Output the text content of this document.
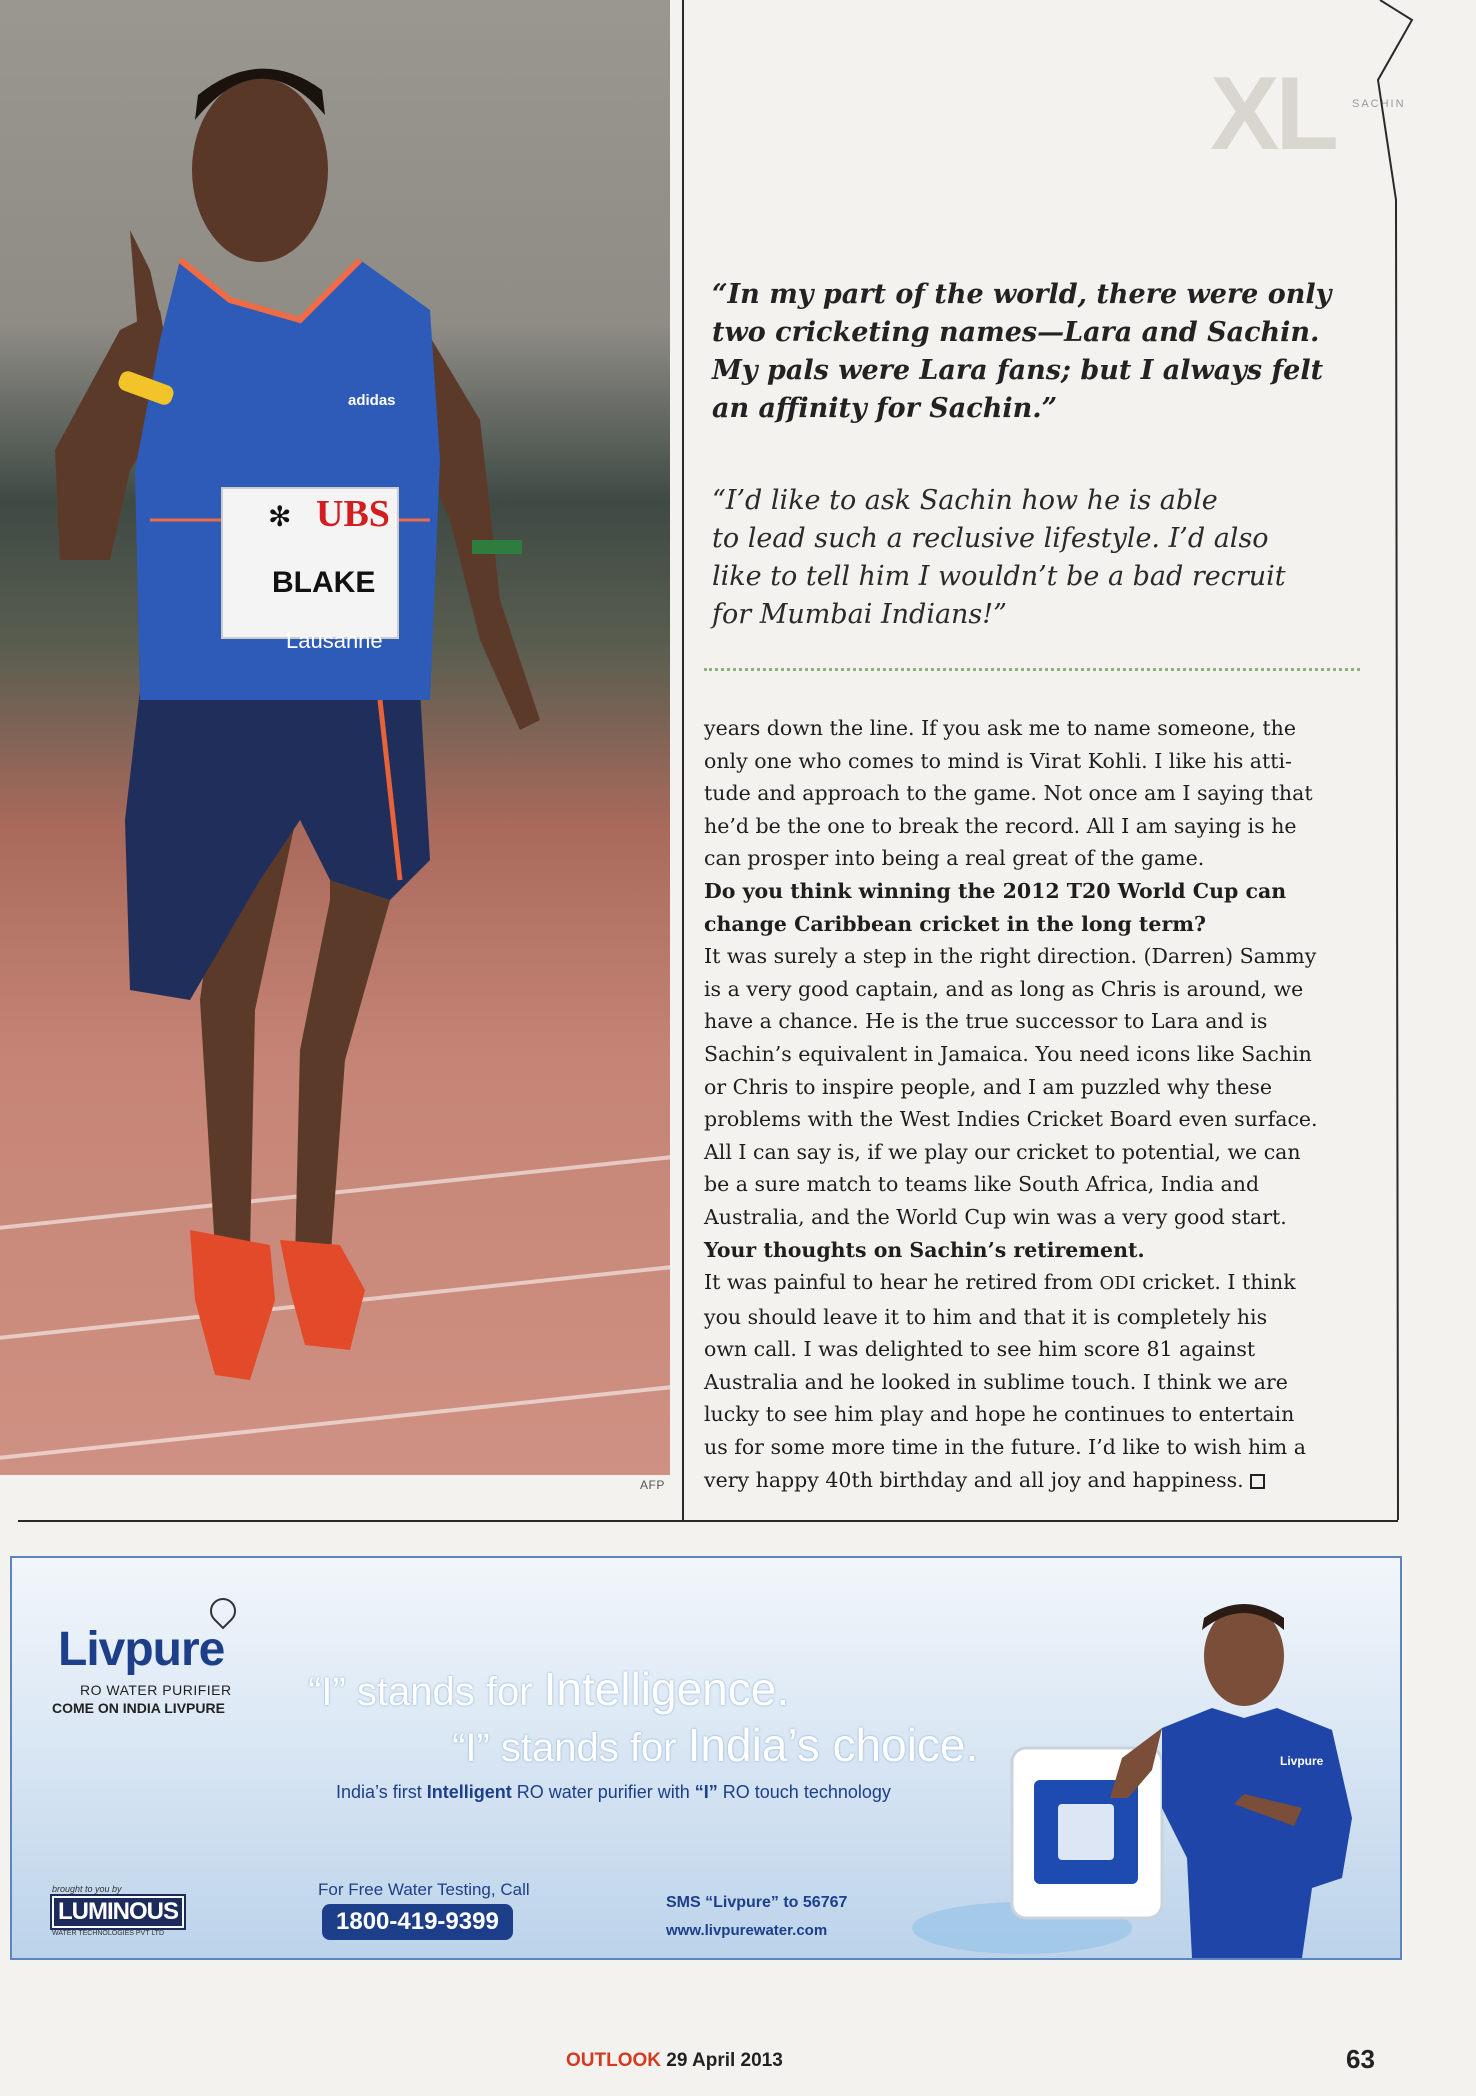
UBS
✻
BLAKE
Lausanne
adidas
AFP
XL SACHIN
“In my part of the world, there were only
two cricketing names—Lara and Sachin.
My pals were Lara fans; but I always felt
an affinity for Sachin.”
“I’d like to ask Sachin how he is able
to lead such a reclusive lifestyle. I’d also
like to tell him I wouldn’t be a bad recruit
for Mumbai Indians!”

years down the line. If you ask me to name someone, the

only one who comes to mind is Virat Kohli. I like his atti-

tude and approach to the game. Not once am I saying that

he’d be the one to break the record. All I am saying is he

can prosper into being a real great of the game.

Do you think winning the 2012 T20 World Cup can

change Caribbean cricket in the long term?

It was surely a step in the right direction. (Darren) Sammy

is a very good captain, and as long as Chris is around, we

have a chance. He is the true successor to Lara and is

Sachin’s equivalent in Jamaica. You need icons like Sachin

or Chris to inspire people, and I am puzzled why these

problems with the West Indies Cricket Board even surface.

All I can say is, if we play our cricket to potential, we can

be a sure match to teams like South Africa, India and

Australia, and the World Cup win was a very good start.

Your thoughts on Sachin’s retirement.

It was painful to hear he retired from ODI cricket. I think

you should leave it to him and that it is completely his

own call. I was delighted to see him score 81 against

Australia and he looked in sublime touch. I think we are

lucky to see him play and hope he continues to entertain

us for some more time in the future. I’d like to wish him a

very happy 40th birthday and all joy and happiness.

Livpure
RO WATER PURIFIER
COME ON INDIA LIVPURE “I” stands for Intelligence.
“I” stands for India’s choice.
India’s first Intelligent RO water purifier with “I” RO touch technology
brought to you by
LUMINOUS
WATER TECHNOLOGIES PVT LTD
For Free Water Testing, Call
1800-419-9399
SMS “Livpure” to 56767
www.livpurewater.com
Livpure
OUTLOOK 29 April 2013	63
